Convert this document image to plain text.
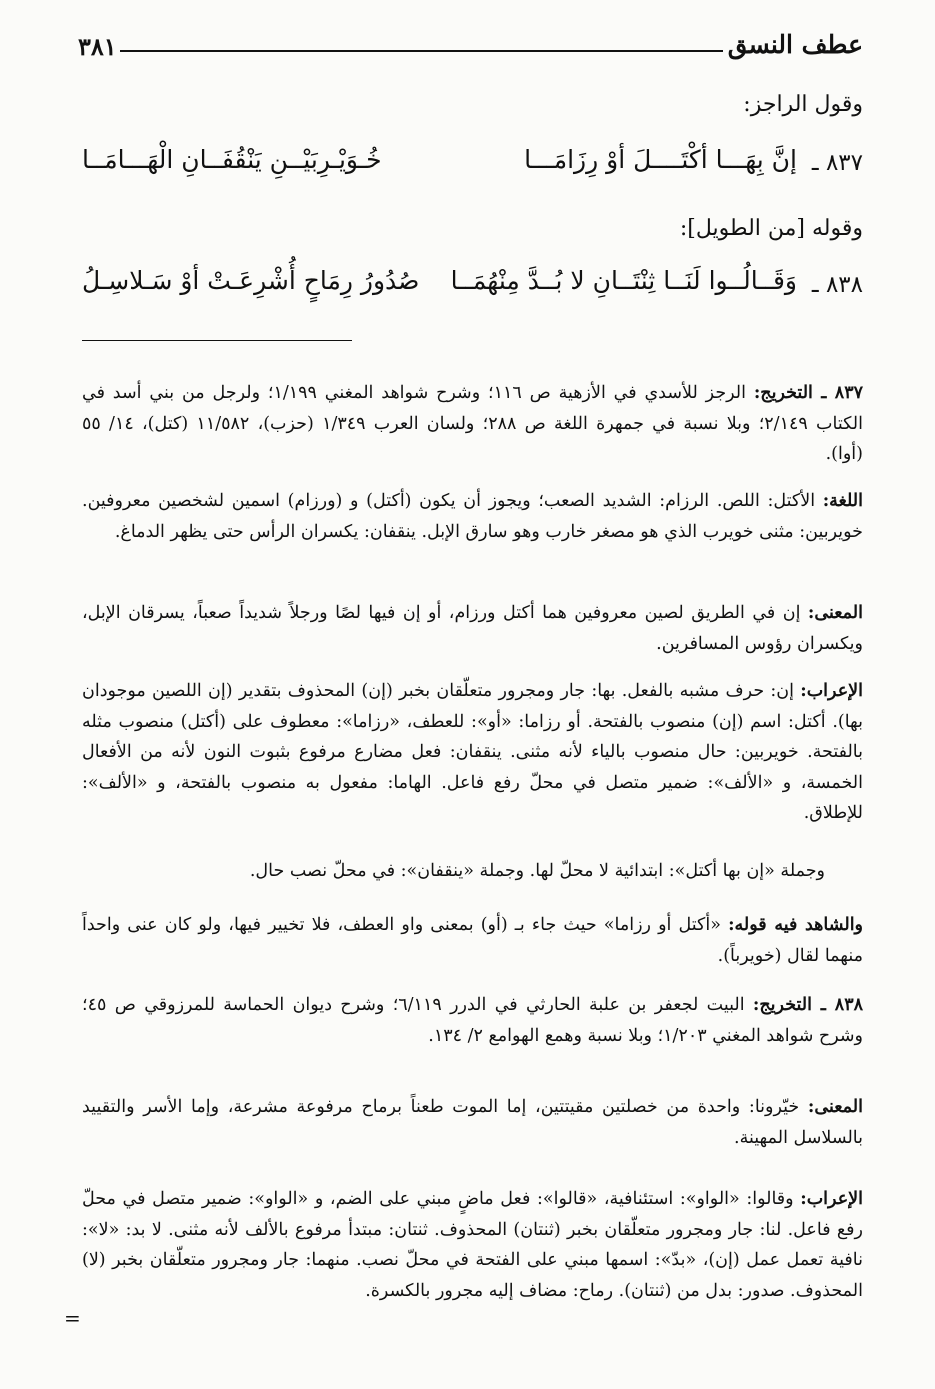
عطف النسق
٣٨١
وقول الراجز:
٨٣٧ ـ
إنَّ بِهَـــا أكْتَــــلَ أوْ رِزَامَـــا
خُـوَيْـرِبَيْــنِ يَنْقُفَــانِ الْهَـــامَــا
وقوله [من الطويل]:
٨٣٨ ـ
وَقَــالُــوا لَنَــا ثِنْتَــانِ لا بُــدَّ مِنْهُمَــا
صُدُورُ رِمَاحٍ أُشْرِعَـتْ أوْ سَـلاسِـلُ
٨٣٧ ـ التخريج: الرجز للأسدي في الأزهية ص ١١٦؛ وشرح شواهد المغني ١/١٩٩؛ ولرجل من بني أسد في الكتاب ٢/١٤٩؛ وبلا نسبة في جمهرة اللغة ص ٢٨٨؛ ولسان العرب ١/٣٤٩ (حزب)، ١١/٥٨٢ (كتل)، ١٤/ ٥٥ (أوا).
اللغة: الأكتل: اللص. الرزام: الشديد الصعب؛ ويجوز أن يكون (أكتل) و (ورزام) اسمين لشخصين معروفين. خويربين: مثنى خويرب الذي هو مصغر خارب وهو سارق الإبل. ينقفان: يكسران الرأس حتى يظهر الدماغ.
المعنى: إن في الطريق لصين معروفين هما أكتل ورزام، أو إن فيها لصًا ورجلاً شديداً صعباً، يسرقان الإبل، ويكسران رؤوس المسافرين.
الإعراب: إن: حرف مشبه بالفعل. بها: جار ومجرور متعلّقان بخبر (إن) المحذوف بتقدير (إن اللصين موجودان بها). أكتل: اسم (إن) منصوب بالفتحة. أو رزاما: «أو»: للعطف، «رزاما»: معطوف على (أكتل) منصوب مثله بالفتحة. خويربين: حال منصوب بالياء لأنه مثنى. ينقفان: فعل مضارع مرفوع بثبوت النون لأنه من الأفعال الخمسة، و «الألف»: ضمير متصل في محلّ رفع فاعل. الهاما: مفعول به منصوب بالفتحة، و «الألف»: للإطلاق.
وجملة «إن بها أكتل»: ابتدائية لا محلّ لها. وجملة «ينقفان»: في محلّ نصب حال.
والشاهد فيه قوله: «أكتل أو رزاما» حيث جاء بـ (أو) بمعنى واو العطف، فلا تخيير فيها، ولو كان عنى واحداً منهما لقال (خويرباً).
٨٣٨ ـ التخريج: البيت لجعفر بن علبة الحارثي في الدرر ٦/١١٩؛ وشرح ديوان الحماسة للمرزوقي ص ٤٥؛ وشرح شواهد المغني ١/٢٠٣؛ وبلا نسبة وهمع الهوامع ٢/ ١٣٤.
المعنى: خيّرونا: واحدة من خصلتين مقيتتين، إما الموت طعناً برماح مرفوعة مشرعة، وإما الأسر والتقييد بالسلاسل المهينة.
الإعراب: وقالوا: «الواو»: استئنافية، «قالوا»: فعل ماضٍ مبني على الضم، و «الواو»: ضمير متصل في محلّ رفع فاعل. لنا: جار ومجرور متعلّقان بخبر (ثنتان) المحذوف. ثنتان: مبتدأ مرفوع بالألف لأنه مثنى. لا بد: «لا»: نافية تعمل عمل (إن)، «بدّ»: اسمها مبني على الفتحة في محلّ نصب. منهما: جار ومجرور متعلّقان بخبر (لا) المحذوف. صدور: بدل من (ثنتان). رماح: مضاف إليه مجرور بالكسرة.
=
